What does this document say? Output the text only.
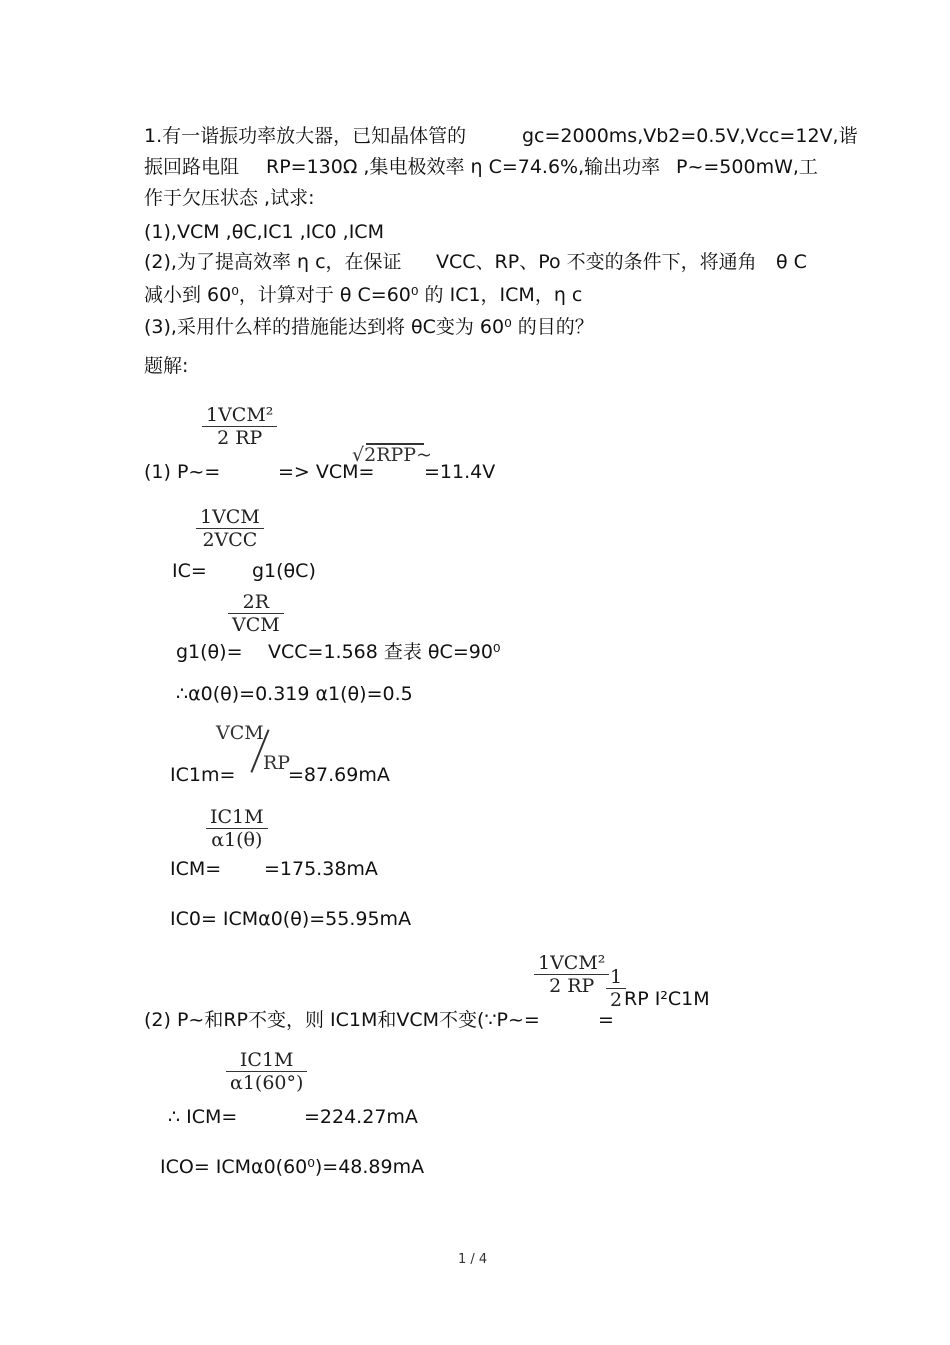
1.有一谐振功率放大器，已知晶体管的	gc=2000ms,Vb2=0.5V,Vcc=12V,谐
振回路电阻 RP=130Ω ,集电极效率 η C=74.6%,输出功率 P~=500mW,工
作于欠压状态 ,试求:
(1),VCM ,θC,IC1 ,IC0 ,ICM
(2),为了提高效率 η c，在保证 VCC、RP、Po 不变的条件下，将通角 θ C
减小到 60⁰，计算对于 θ C=60⁰ 的 IC1，ICM，η c
(3),采用什么样的措施能达到将 θC变为 60⁰ 的目的？
题解:
1VCM²
2 RP
(1) P~=	=> VCM=
√2RPP~
=11.4V
1VCM
2VCC
IC= g1(θC)
2R
VCM
g1(θ)= VCC=1.568 查表 θC=90⁰
∴α0(θ)=0.319 α1(θ)=0.5
VCM
RP
IC1m=	=87.69mA
$\frac{IC1M}{\alpha 1(\theta)}$
ICM= =175.38mA
IC0= ICMα0(θ)=55.95mA
1VCM²
2 RP $\frac{1}{2}$
(2) P~和RP不变，则 IC1M和VCM不变(∵P~=	=
RP I²C1M
$\frac{IC1M}{\alpha 1(60^\circ)}$
∴ ICM=	=224.27mA
ICO= ICMα0(60⁰)=48.89mA
1 / 4
